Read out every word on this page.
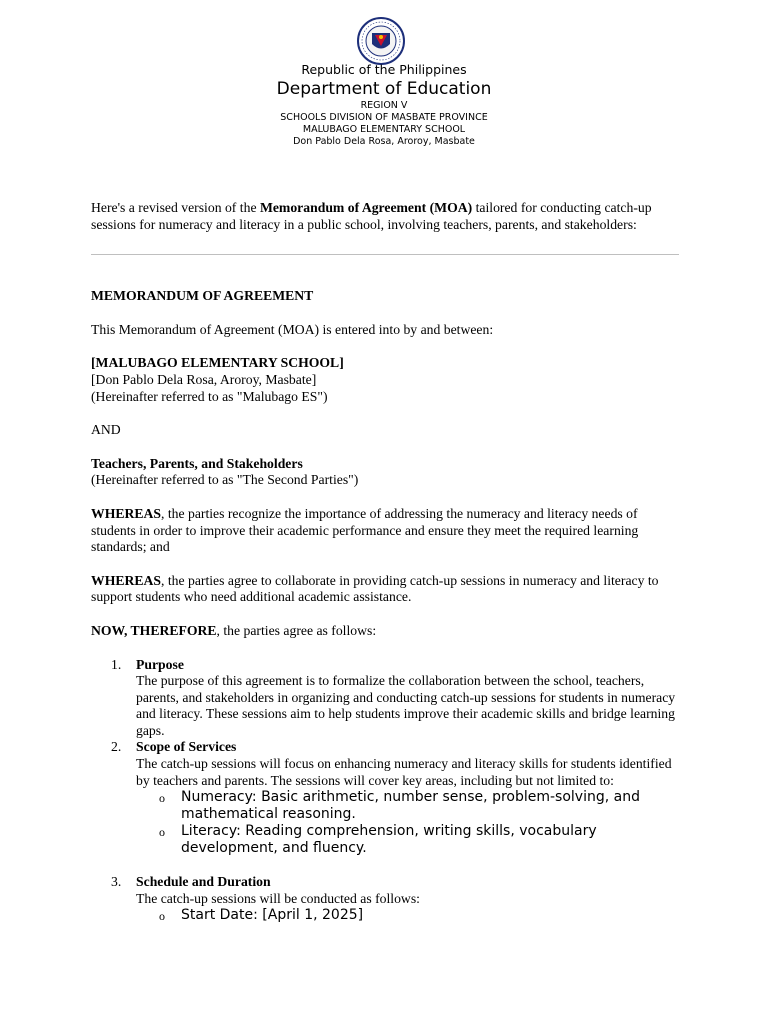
Republic of the Philippines
Department of Education
REGION V
SCHOOLS DIVISION OF MASBATE PROVINCE
MALUBAGO ELEMENTARY SCHOOL
Don Pablo Dela Rosa, Aroroy, Masbate

Here's a revised version of the Memorandum of Agreement (MOA) tailored for conducting catch-up sessions for numeracy and literacy in a public school, involving teachers, parents, and stakeholders:

MEMORANDUM OF AGREEMENT

This Memorandum of Agreement (MOA) is entered into by and between:

[MALUBAGO ELEMENTARY SCHOOL]
[Don Pablo Dela Rosa, Aroroy, Masbate]
(Hereinafter referred to as "Malubago ES")

AND

Teachers, Parents, and Stakeholders
(Hereinafter referred to as "The Second Parties")

WHEREAS, the parties recognize the importance of addressing the numeracy and literacy needs of students in order to improve their academic performance and ensure they meet the required learning standards; and

WHEREAS, the parties agree to collaborate in providing catch-up sessions in numeracy and literacy to support students who need additional academic assistance.

NOW, THEREFORE, the parties agree as follows:

1. Purpose
The purpose of this agreement is to formalize the collaboration between the school, teachers, parents, and stakeholders in organizing and conducting catch-up sessions for students in numeracy and literacy. These sessions aim to help students improve their academic skills and bridge learning gaps.
2. Scope of Services
The catch-up sessions will focus on enhancing numeracy and literacy skills for students identified by teachers and parents. The sessions will cover key areas, including but not limited to:
o Numeracy: Basic arithmetic, number sense, problem-solving, and mathematical reasoning.
o Literacy: Reading comprehension, writing skills, vocabulary development, and fluency.
3. Schedule and Duration
The catch-up sessions will be conducted as follows:
o Start Date: [April 1, 2025]
